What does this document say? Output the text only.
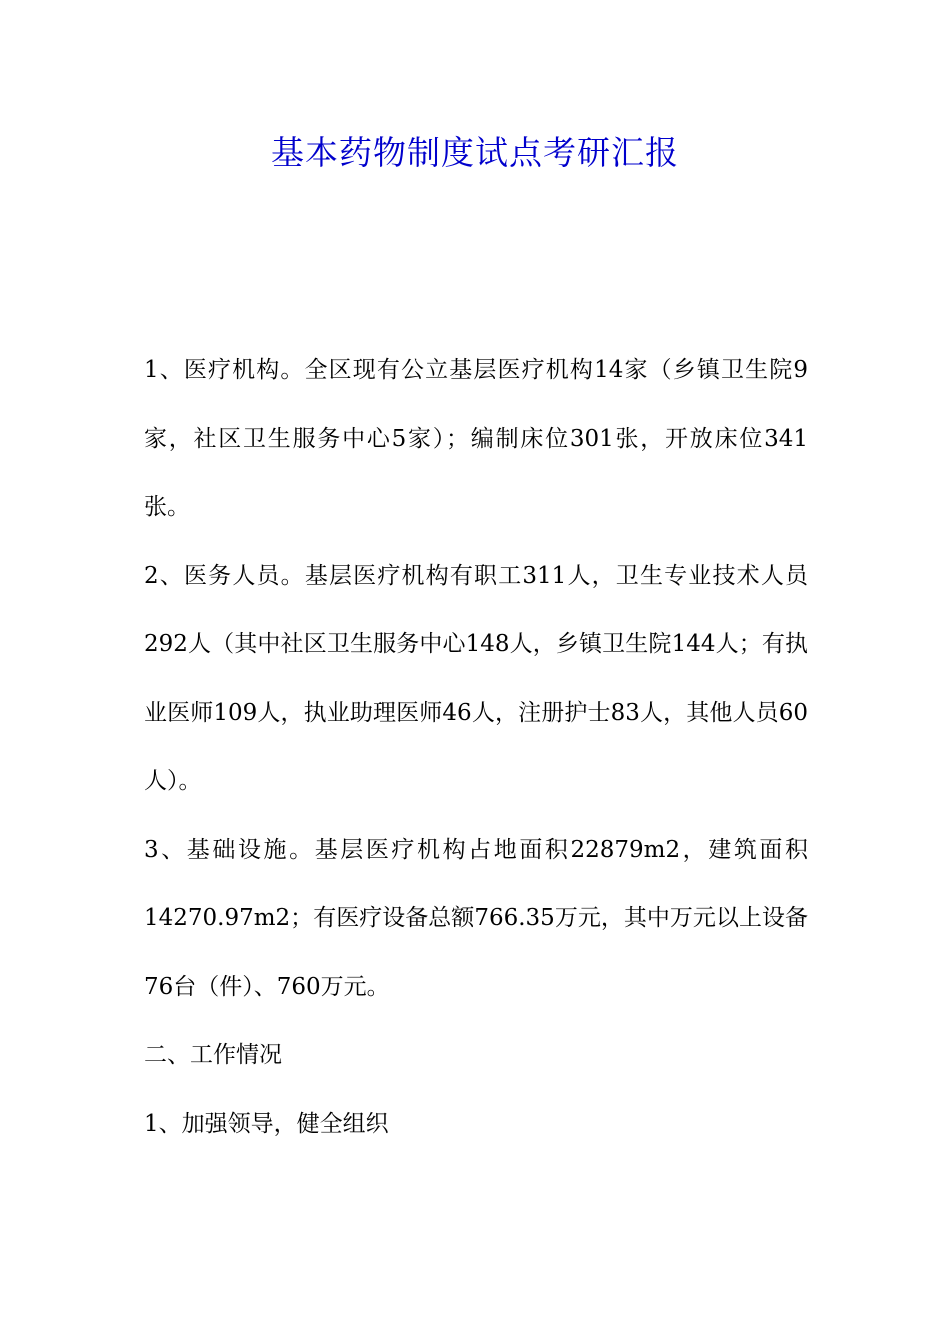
基本药物制度试点考研汇报

1、医疗机构。全区现有公立基层医疗机构14家（乡镇卫生院9家，社区卫生服务中心5家）；编制床位301张，开放床位341张。

2、医务人员。基层医疗机构有职工311人，卫生专业技术人员292人（其中社区卫生服务中心148人，乡镇卫生院144人；有执业医师109人，执业助理医师46人，注册护士83人，其他人员60人）。

3、基础设施。基层医疗机构占地面积22879m2，建筑面积14270.97m2；有医疗设备总额766.35万元，其中万元以上设备76台（件）、760万元。

二、工作情况

1、加强领导，健全组织
